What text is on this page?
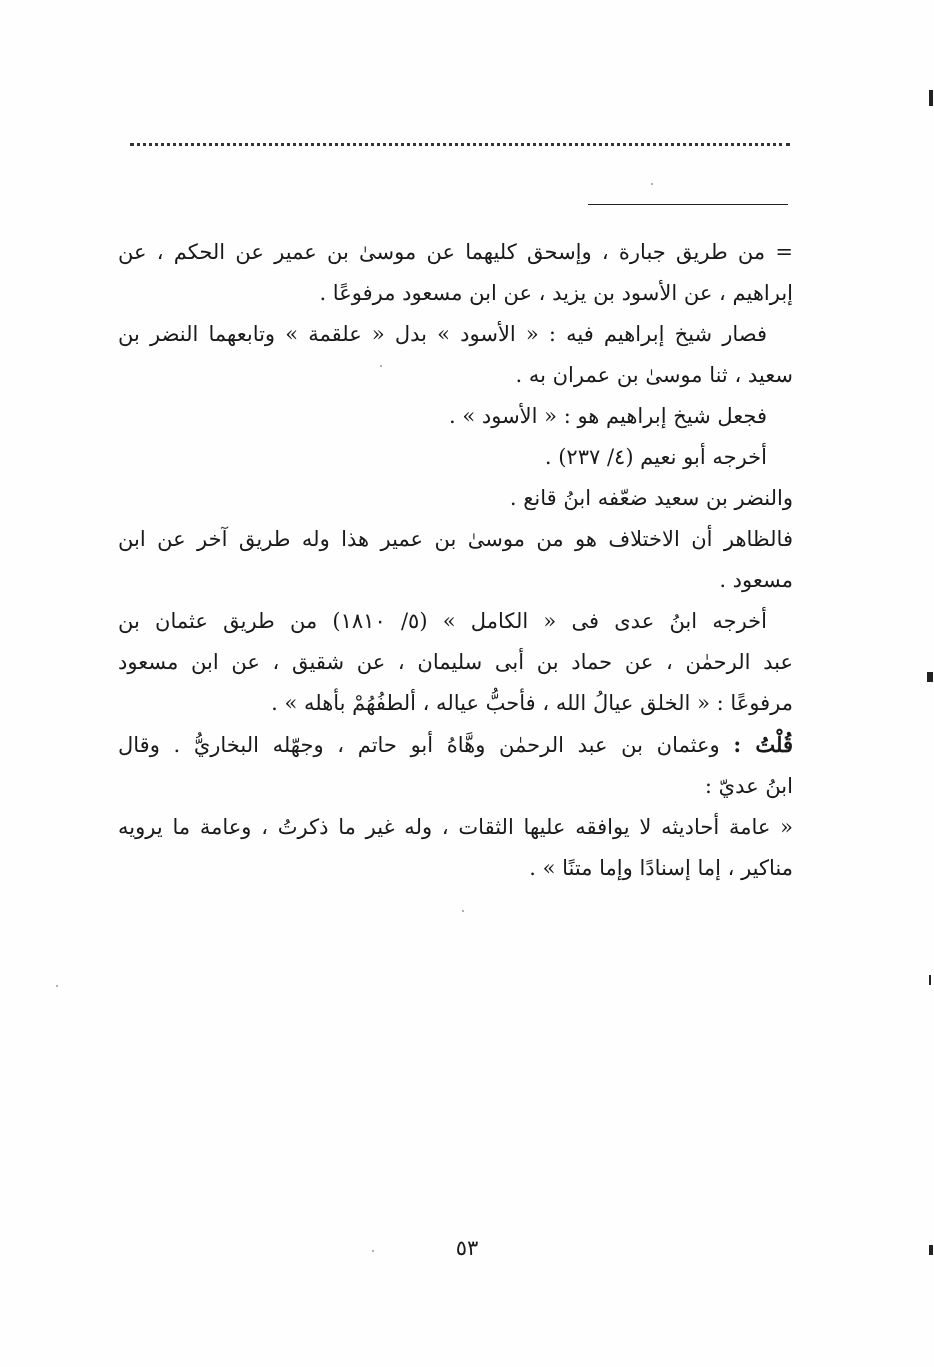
= من طريق جبارة ، وإسحق كليهما عن موسىٰ بن عمير عن الحكم ، عن
إبراهيم ، عن الأسود بن يزيد ، عن ابن مسعود مرفوعًا .
فصار شيخ إبراهيم فيه : « الأسود » بدل « علقمة » وتابعهما النضر بن
سعيد ، ثنا موسىٰ بن عمران به .
فجعل شيخ إبراهيم هو : « الأسود » .
أخرجه أبو نعيم (٤/ ٢٣٧) .
والنضر بن سعيد ضعّفه ابنُ قانع .
فالظاهر أن الاختلاف هو من موسىٰ بن عمير هذا وله طريق آخر عن ابن
مسعود .
أخرجه ابنُ عدى فى « الكامل » (٥/ ١٨١٠) من طريق عثمان بن
عبد الرحمٰن ، عن حماد بن أبى سليمان ، عن شقيق ، عن ابن مسعود
مرفوعًا : « الخلق عيالُ الله ، فأحبُّ عياله ، ألطفُهُمْ بأهله » .
قُلْتُ : وعثمان بن عبد الرحمٰن وهَّاهُ أبو حاتم ، وجهّله البخاريُّ . وقال
ابنُ عديّ :
« عامة أحاديثه لا يوافقه عليها الثقات ، وله غير ما ذكرتُ ، وعامة ما يرويه
مناكير ، إما إسنادًا وإما متنًا » .
٥٣
